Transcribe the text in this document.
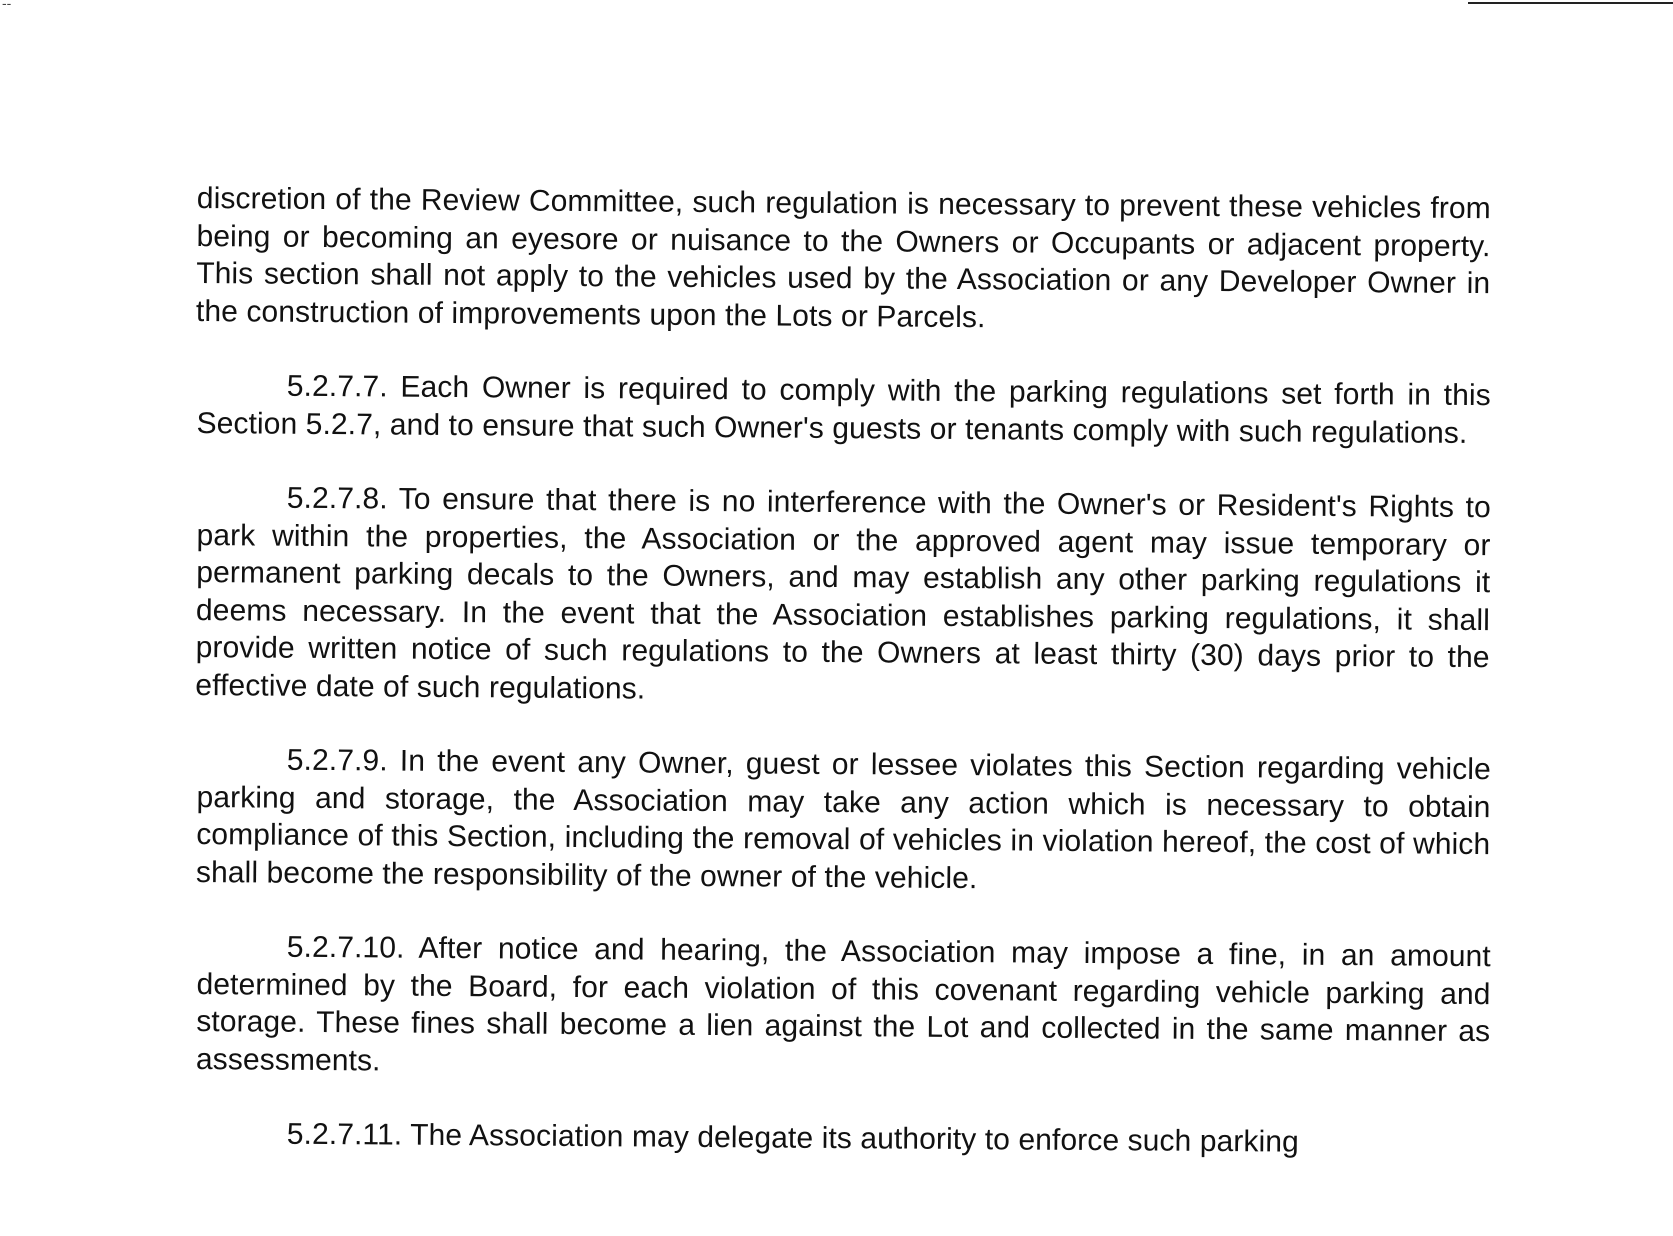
--

discretion of the Review Committee, such regulation is necessary to prevent these vehicles from being or becoming an eyesore or nuisance to the Owners or Occupants or adjacent property. This section shall not apply to the vehicles used by the Association or any Developer Owner in the construction of improvements upon the Lots or Parcels.

5.2.7.7. Each Owner is required to comply with the parking regulations set forth in this Section 5.2.7, and to ensure that such Owner's guests or tenants comply with such regulations.

5.2.7.8. To ensure that there is no interference with the Owner's or Resident's Rights to park within the properties, the Association or the approved agent may issue temporary or permanent parking decals to the Owners, and may establish any other parking regulations it deems necessary. In the event that the Association establishes parking regulations, it shall provide written notice of such regulations to the Owners at least thirty (30) days prior to the effective date of such regulations.

5.2.7.9. In the event any Owner, guest or lessee violates this Section regarding vehicle parking and storage, the Association may take any action which is necessary to obtain compliance of this Section, including the removal of vehicles in violation hereof, the cost of which shall become the responsibility of the owner of the vehicle.

5.2.7.10. After notice and hearing, the Association may impose a fine, in an amount determined by the Board, for each violation of this covenant regarding vehicle parking and storage. These fines shall become a lien against the Lot and collected in the same manner as assessments.

5.2.7.11. The Association may delegate its authority to enforce such parking
